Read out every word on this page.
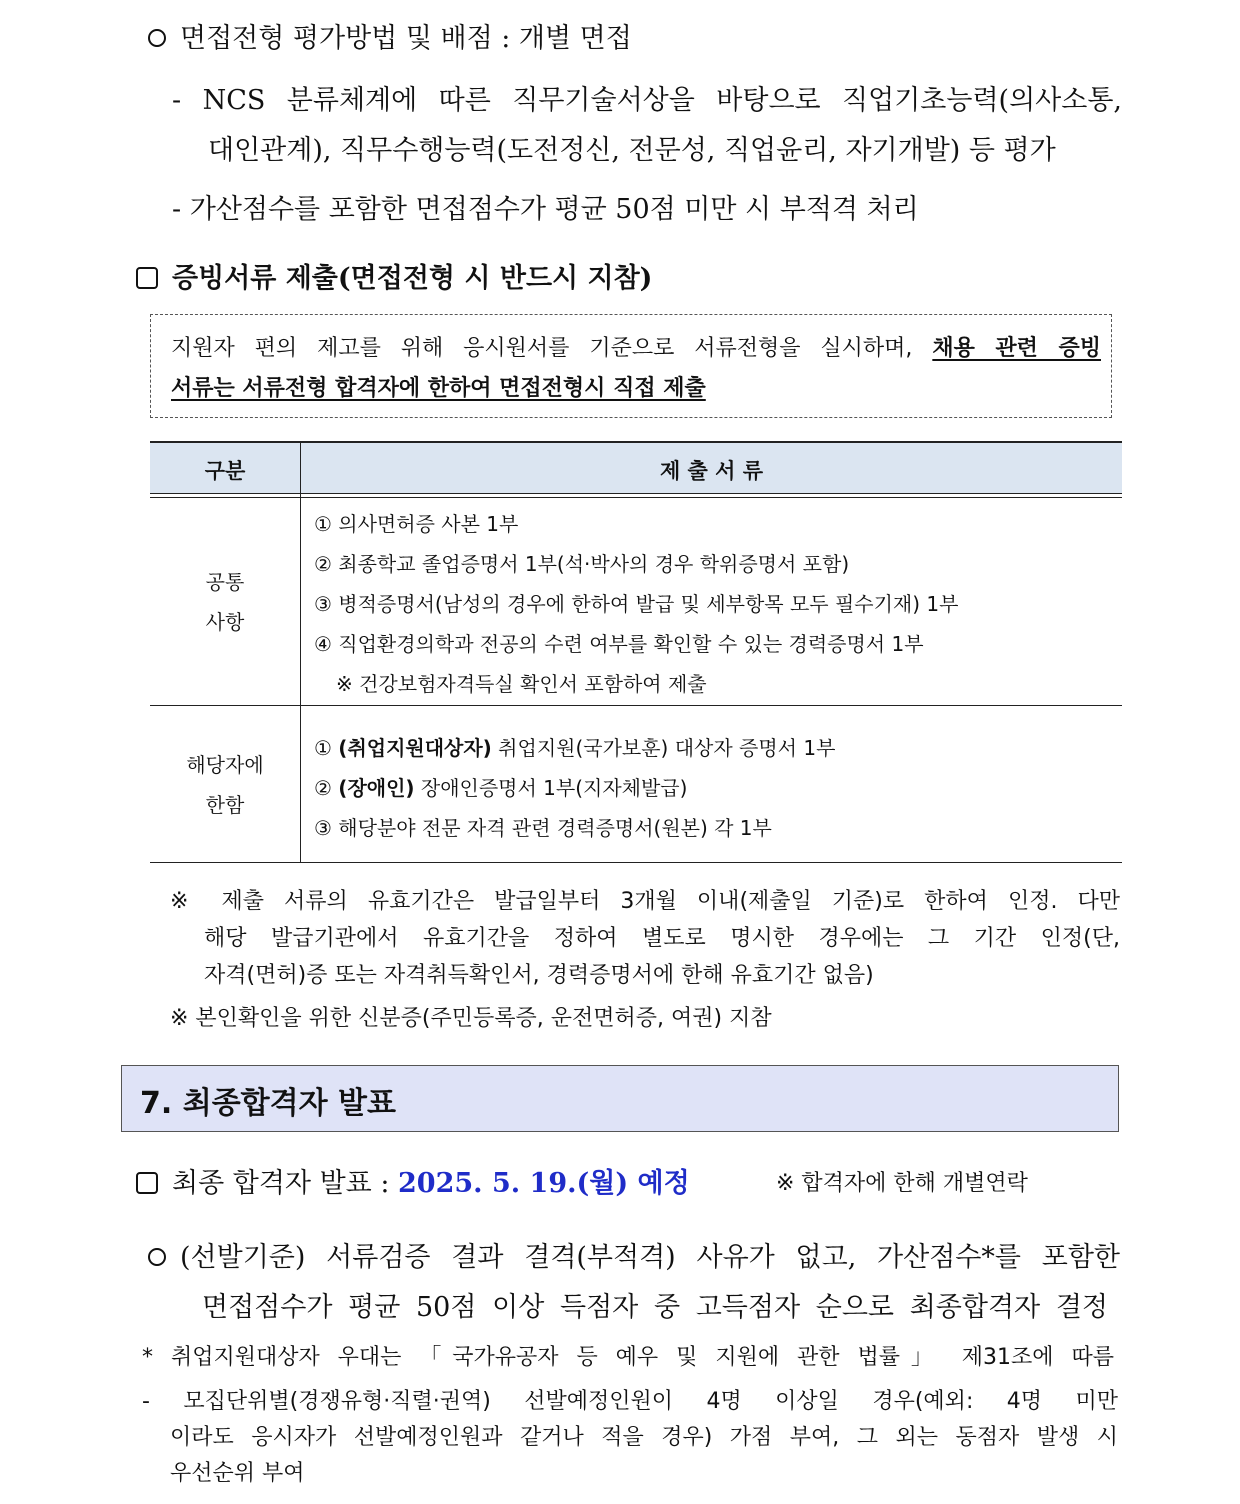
면접전형 평가방법 및 배점 : 개별 면접
- NCS 분류체계에 따른 직무기술서상을 바탕으로 직업기초능력(의사소통,
대인관계), 직무수행능력(도전정신, 전문성, 직업윤리, 자기개발) 등 평가
- 가산점수를 포함한 면접점수가 평균 50점 미만 시 부적격 처리
증빙서류 제출(면접전형 시 반드시 지참)
지원자 편의 제고를 위해 응시원서를 기준으로 서류전형을 실시하며, 채용 관련 증빙
서류는 서류전형 합격자에 한하여 면접전형시 직접 제출
구분	제 출 서 류
공통
사항
① 의사면허증 사본 1부
② 최종학교 졸업증명서 1부(석·박사의 경우 학위증명서 포함)
③ 병적증명서(남성의 경우에 한하여 발급 및 세부항목 모두 필수기재) 1부
④ 직업환경의학과 전공의 수련 여부를 확인할 수 있는 경력증명서 1부
※ 건강보험자격득실 확인서 포함하여 제출
해당자에
한함
① (취업지원대상자) 취업지원(국가보훈) 대상자 증명서 1부
② (장애인) 장애인증명서 1부(지자체발급)
③ 해당분야 전문 자격 관련 경력증명서(원본) 각 1부
※ 제출 서류의 유효기간은 발급일부터 3개월 이내(제출일 기준)로 한하여 인정. 다만
해당 발급기관에서 유효기간을 정하여 별도로 명시한 경우에는 그 기간 인정(단,
자격(면허)증 또는 자격취득확인서, 경력증명서에 한해 유효기간 없음)
※ 본인확인을 위한 신분증(주민등록증, 운전면허증, 여권) 지참
7. 최종합격자 발표
최종 합격자 발표 : 2025. 5. 19.(월) 예정	※ 합격자에 한해 개별연락
(선발기준) 서류검증 결과 결격(부적격) 사유가 없고, 가산점수*를 포함한
면접점수가 평균 50점 이상 득점자 중 고득점자 순으로 최종합격자 결정
* 취업지원대상자 우대는 「국가유공자 등 예우 및 지원에 관한 법률」 제31조에 따름
- 모집단위별(경쟁유형·직렬·권역) 선발예정인원이 4명 이상일 경우(예외: 4명 미만
이라도 응시자가 선발예정인원과 같거나 적을 경우) 가점 부여, 그 외는 동점자 발생 시
우선순위 부여
